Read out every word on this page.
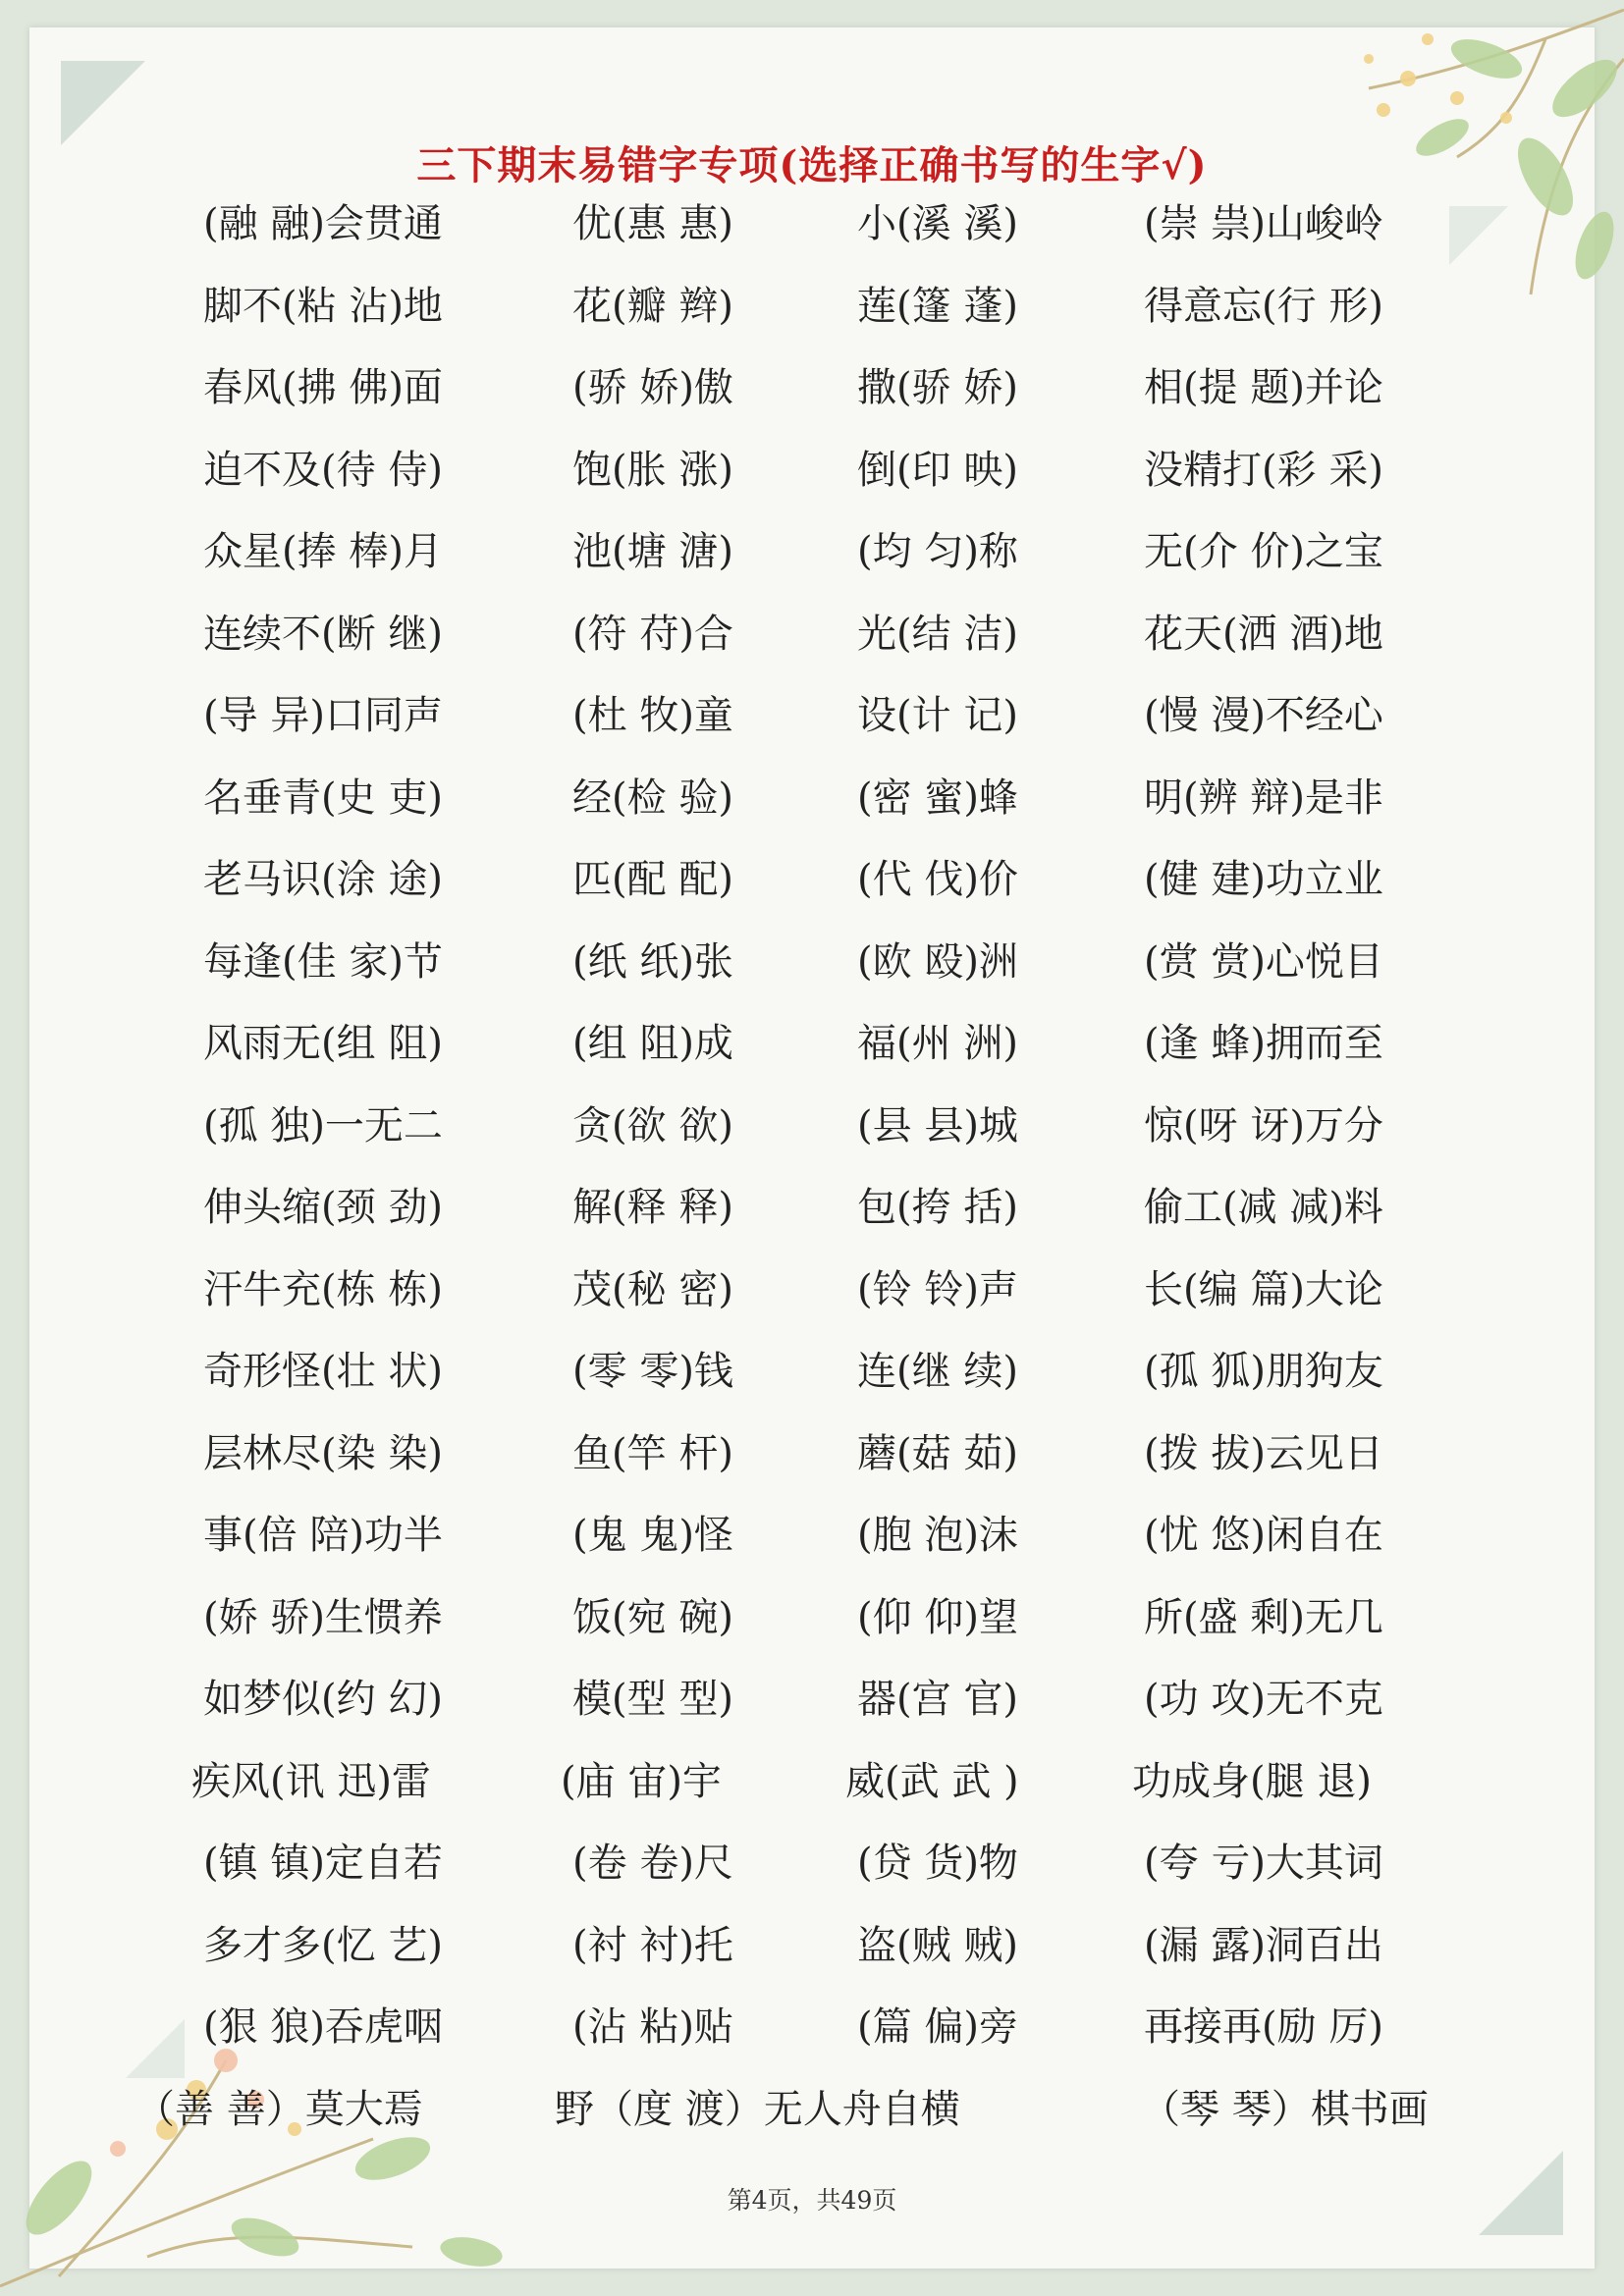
三下期末易错字专项(选择正确书写的生字√)
(融 融)会贯通	优(惠 惠)	小(溪 溪)	(崇 祟)山峻岭
脚不(粘 沾)地	花(瓣 辫)	莲(篷 蓬)	得意忘(行 形)
春风(拂 佛)面	(骄 娇)傲	撒(骄 娇)	相(提 题)并论
迫不及(待 侍)	饱(胀 涨)	倒(印 映)	没精打(彩 采)
众星(捧 棒)月	池(塘 溏)	(均 匀)称	无(介 价)之宝
连续不(断 继)	(符 苻)合	光(结 洁)	花天(洒 酒)地
(导 异)口同声	(杜 牧)童	设(计 记)	(慢 漫)不经心
名垂青(史 吏)	经(检 验)	(密 蜜)蜂	明(辨 辩)是非
老马识(涂 途)	匹(配 配)	(代 伐)价	(健 建)功立业
每逢(佳 家)节	(纸 纸)张	(欧 殴)洲	(赏 赏)心悦目
风雨无(组 阻)	(组 阻)成	福(州 洲)	(逢 蜂)拥而至
(孤 独)一无二	贪(欲 欲)	(县 县)城	惊(呀 讶)万分
伸头缩(颈 劲)	解(释 释)	包(挎 括)	偷工(减 减)料
汗牛充(栋 栋)	茂(秘 密)	(铃 铃)声	长(编 篇)大论
奇形怪(壮 状)	(零 零)钱	连(继 续)	(孤 狐)朋狗友
层林尽(染 染)	鱼(竿 杆)	蘑(菇 茹)	(拨 拔)云见日
事(倍 陪)功半	(鬼 鬼)怪	(胞 泡)沫	(忧 悠)闲自在
(娇 骄)生惯养	饭(宛 碗)	(仰 仰)望	所(盛 剩)无几
如梦似(约 幻)	模(型 型)	器(宫 官)	(功 攻)无不克
疾风(讯 迅)雷	(庙 宙)宇	威(武 武 )	功成身(腿 退)
(镇 镇)定自若	(卷 卷)尺	(贷 货)物	(夸 亏)大其词
多才多(忆 艺)	(衬 衬)托	盗(贼 贼)	(漏 露)洞百出
(狠 狼)吞虎咽	(沾 粘)贴	(篇 偏)旁	再接再(励 厉)
（善 善）莫大焉	野（度 渡）无人舟自横	（琴 琴）棋书画
第4页，共49页
